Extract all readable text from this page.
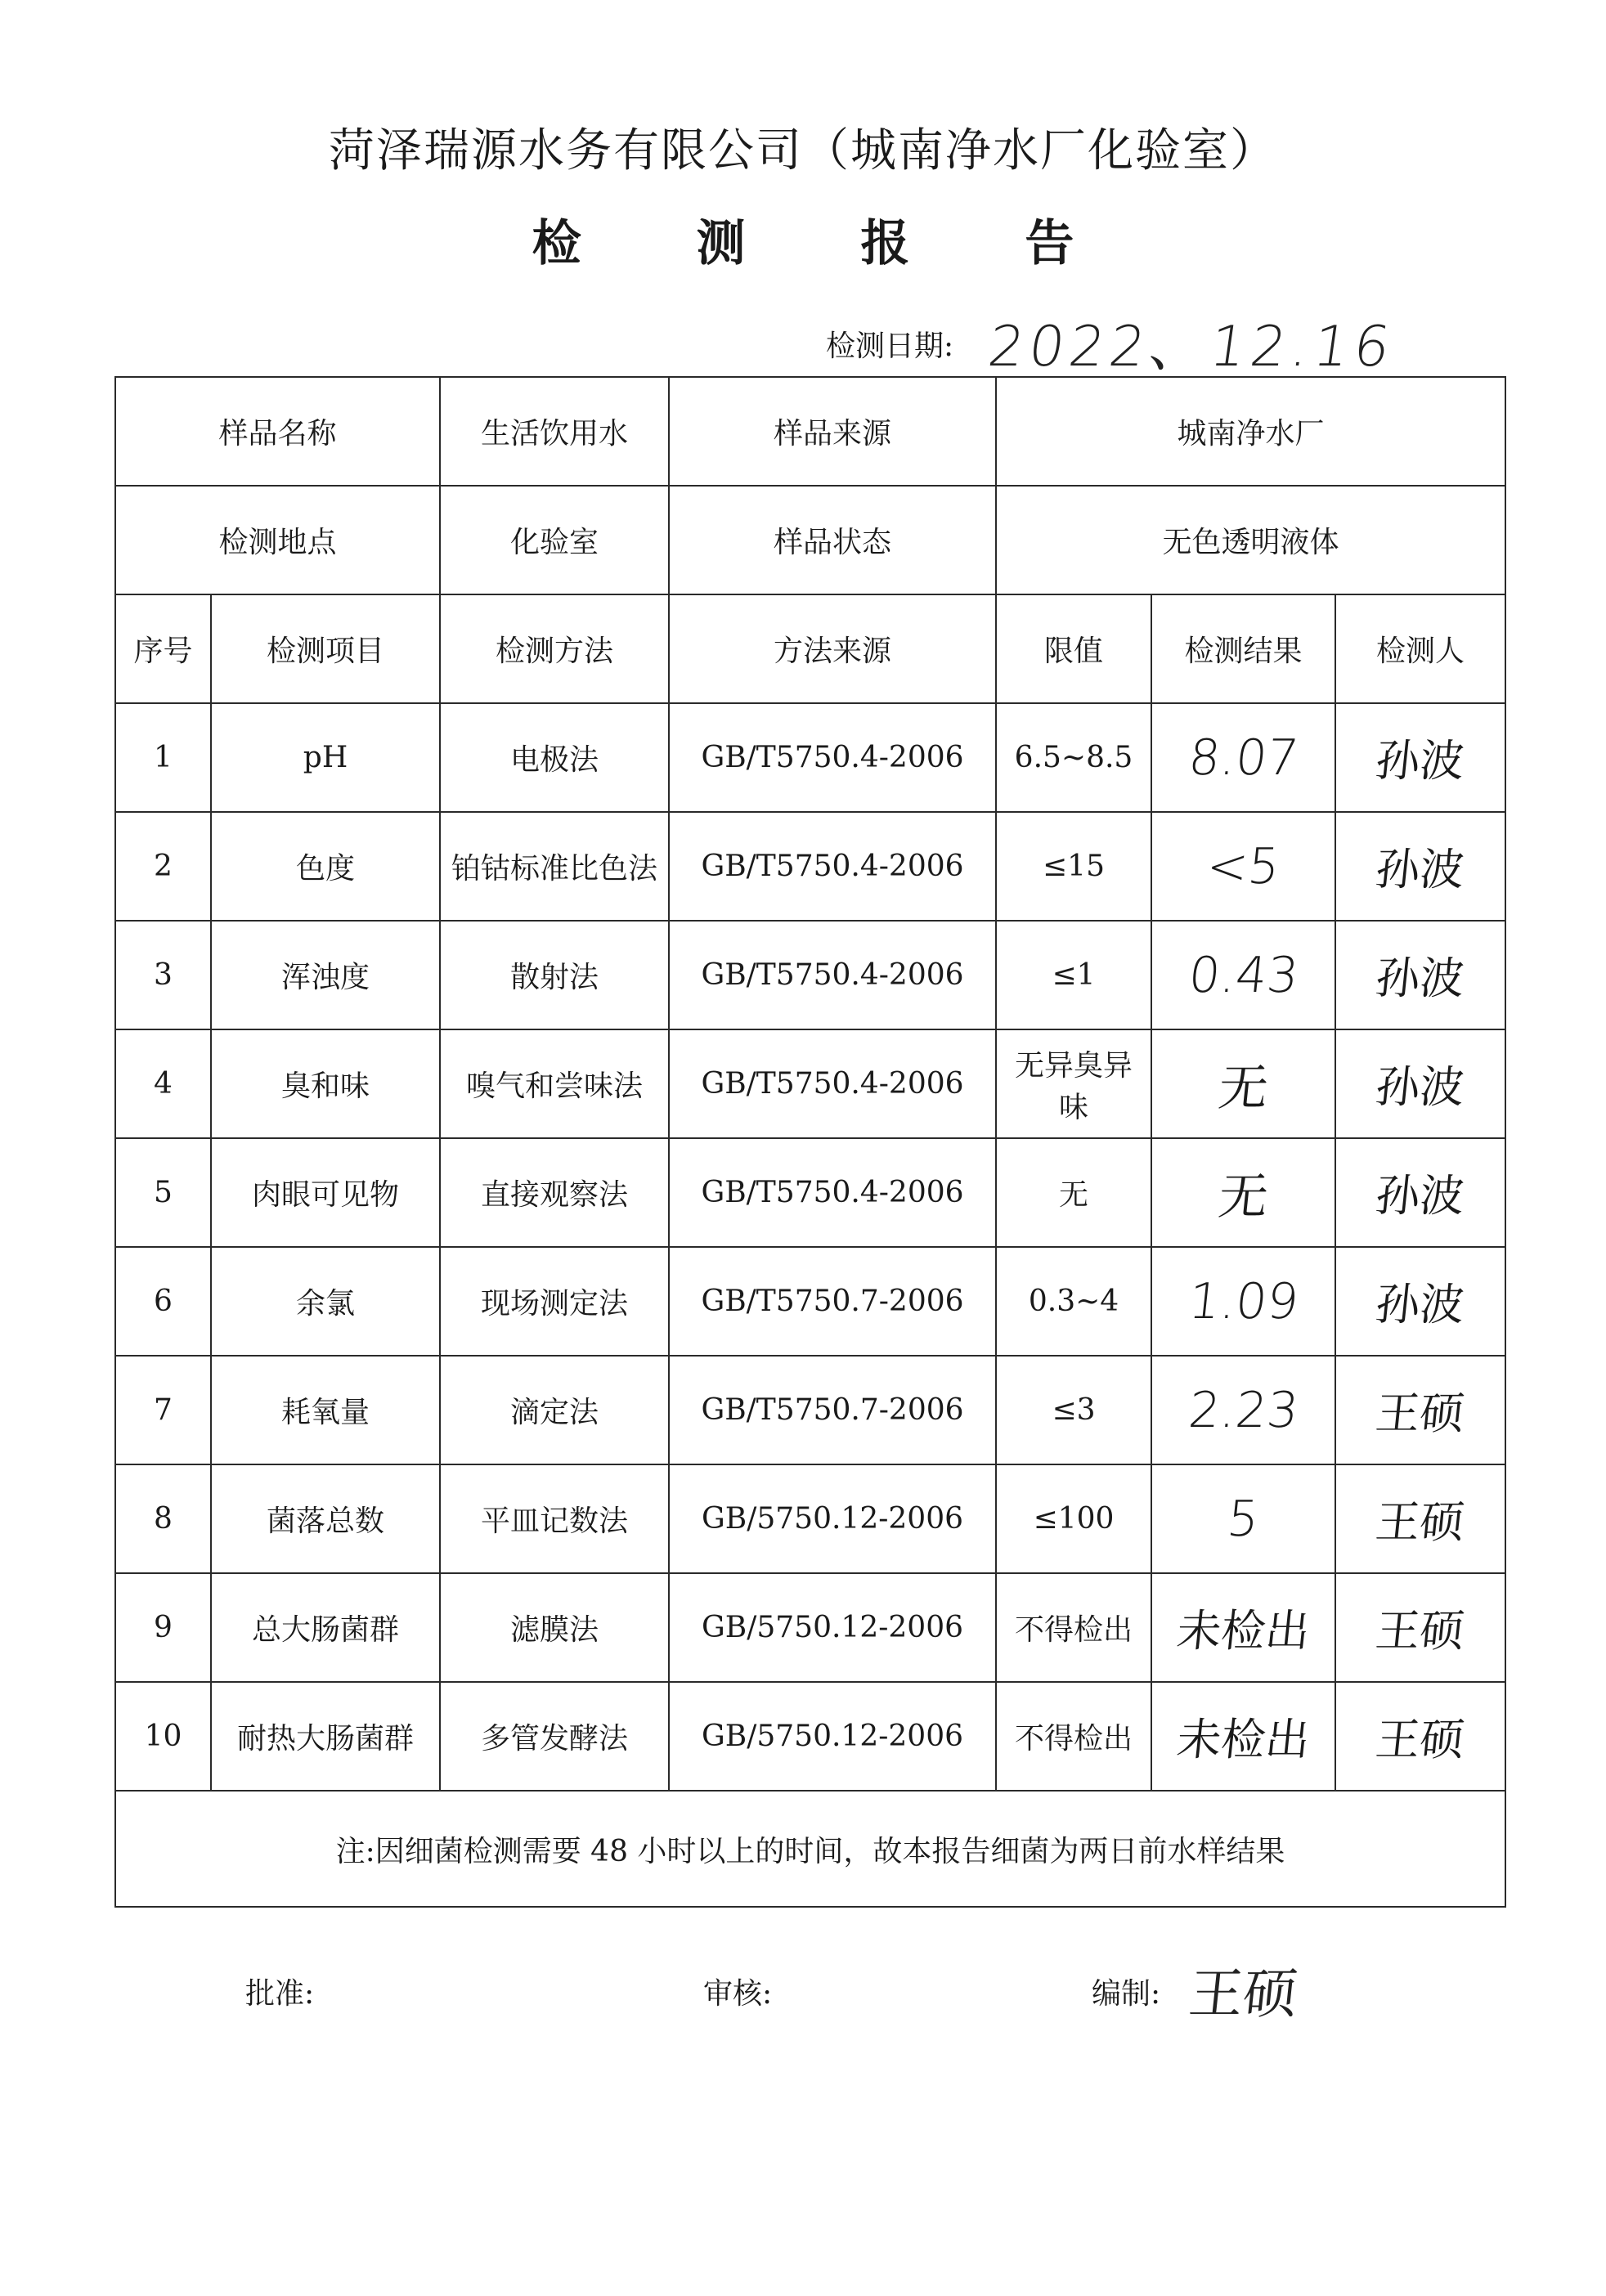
菏泽瑞源水务有限公司（城南净水厂化验室）
检 测 报 告
检测日期: 2022、12.16
样品名称		生活饮用水	样品来源	城南净水厂		
检测地点		化验室	样品状态	无色透明液体		
序号	检测项目	检测方法	方法来源	限值	检测结果	检测人
1	pH	电极法	GB/T5750.4-2006	6.5~8.5	8.07	孙波
2	色度	铂钴标准比色法	GB/T5750.4-2006	≤15	<5	孙波
3	浑浊度	散射法	GB/T5750.4-2006	≤1	0.43	孙波
4	臭和味	嗅气和尝味法	GB/T5750.4-2006	无异臭异味	无	孙波
5	肉眼可见物	直接观察法	GB/T5750.4-2006	无	无	孙波
6	余氯	现场测定法	GB/T5750.7-2006	0.3~4	1.09	孙波
7	耗氧量	滴定法	GB/T5750.7-2006	≤3	2.23	王硕
8	菌落总数	平皿记数法	GB/5750.12-2006	≤100	5	王硕
9	总大肠菌群	滤膜法	GB/5750.12-2006	不得检出	未检出	王硕
10	耐热大肠菌群	多管发酵法	GB/5750.12-2006	不得检出	未检出	王硕
注:因细菌检测需要 48 小时以上的时间，故本报告细菌为两日前水样结果						
批准:	审核:	编制: 王硕
